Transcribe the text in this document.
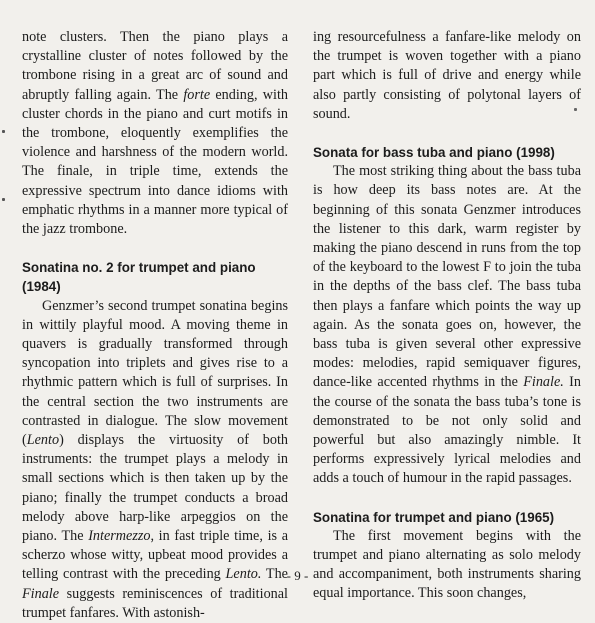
note clusters. Then the piano plays a crystalline cluster of notes followed by the trombone rising in a great arc of sound and abruptly falling again. The forte ending, with cluster chords in the piano and curt motifs in the trombone, eloquently exemplifies the violence and harshness of the modern world. The finale, in triple time, extends the expressive spectrum into dance idioms with emphatic rhythms in a manner more typical of the jazz trombone.

Sonatina no. 2 for trumpet and piano (1984)

Genzmer’s second trumpet sonatina begins in wittily playful mood. A moving theme in quavers is gradually transformed through syncopation into triplets and gives rise to a rhythmic pattern which is full of surprises. In the central section the two instruments are contrasted in dialogue. The slow movement (Lento) displays the virtuosity of both instruments: the trumpet plays a melody in small sections which is then taken up by the piano; finally the trumpet conducts a broad melody above harp-like arpeggios on the piano. The Intermezzo, in fast triple time, is a scherzo whose witty, upbeat mood provides a telling contrast with the preceding Lento. The Finale suggests reminiscences of traditional trumpet fanfares. With astonish-

ing resourcefulness a fanfare-like melody on the trumpet is woven together with a piano part which is full of drive and energy while also partly consisting of polytonal layers of sound.

Sonata for bass tuba and piano (1998)

The most striking thing about the bass tuba is how deep its bass notes are. At the beginning of this sonata Genzmer introduces the listener to this dark, warm register by making the piano descend in runs from the top of the keyboard to the lowest F to join the tuba in the depths of the bass clef. The bass tuba then plays a fanfare which points the way up again. As the sonata goes on, however, the bass tuba is given several other expressive modes: melodies, rapid semiquaver figures, dance-like accented rhythms in the Finale. In the course of the sonata the bass tuba’s tone is demonstrated to be not only solid and powerful but also amazingly nimble. It performs expressively lyrical melodies and adds a touch of humour in the rapid passages.

Sonatina for trumpet and piano (1965)

The first movement begins with the trumpet and piano alternating as solo melody and accompaniment, both instruments sharing equal importance. This soon changes,

- 9 -
